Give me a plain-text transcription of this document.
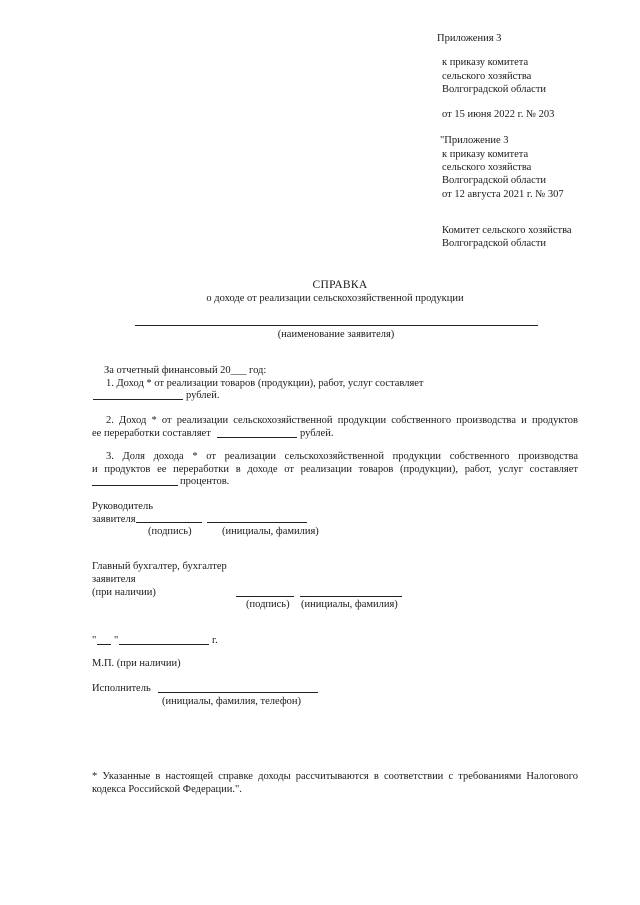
Приложения 3
к приказу комитета
сельского хозяйства
Волгоградской области
от 15 июня 2022 г. № 203
"Приложение 3
к приказу комитета
сельского хозяйства
Волгоградской области
от 12 августа 2021 г. № 307
Комитет сельского хозяйства
Волгоградской области
СПРАВКА
о доходе от реализации сельскохозяйственной продукции
(наименование заявителя)
За отчетный финансовый 20___ год:
1. Доход * от реализации товаров (продукции), работ, услуг составляет
рублей.
2. Доход * от реализации сельскохозяйственной продукции собственного производства и продуктов
ее переработки составляет	рублей.
3. Доля дохода * от реализации сельскохозяйственной продукции собственного производства
и продуктов ее переработки в доходе от реализации товаров (продукции), работ, услуг составляет
процентов.
Руководитель
заявителя
(подпись)	(инициалы, фамилия)
Главный бухгалтер, бухгалтер
заявителя
(при наличии)
(подпись) (инициалы, фамилия)
" "	г.
М.П. (при наличии)
Исполнитель
(инициалы, фамилия, телефон)
* Указанные в настоящей справке доходы рассчитываются в соответствии с требованиями Налогового
кодекса Российской Федерации.".
